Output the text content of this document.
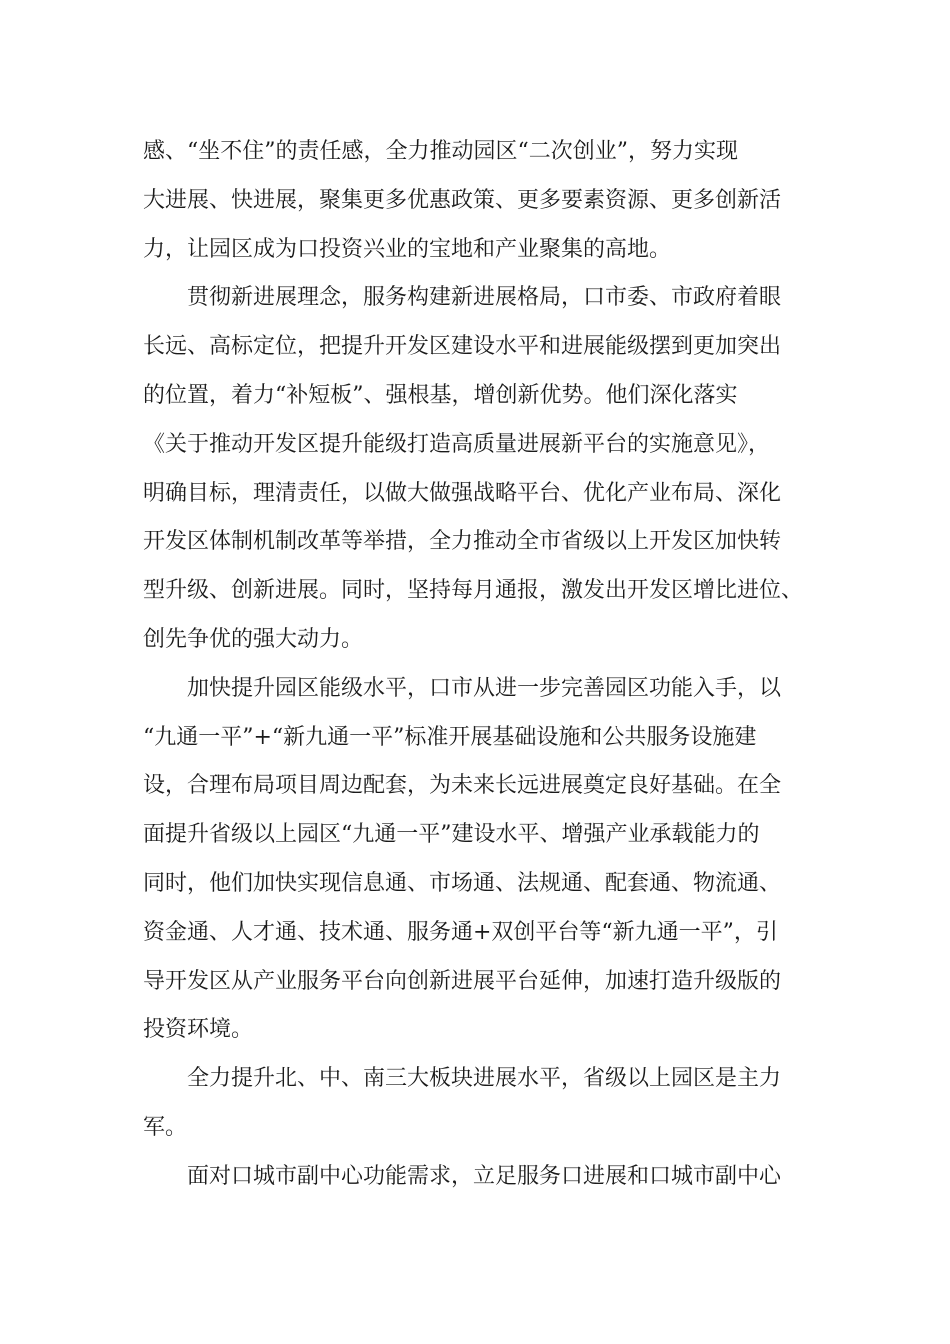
感、“坐不住”的责任感，全力推动园区“二次创业”，努力实现
大进展、快进展，聚集更多优惠政策、更多要素资源、更多创新活
力，让园区成为口投资兴业的宝地和产业聚集的高地。
贯彻新进展理念，服务构建新进展格局，口市委、市政府着眼
长远、高标定位，把提升开发区建设水平和进展能级摆到更加突出
的位置，着力“补短板”、强根基，增创新优势。他们深化落实
《关于推动开发区提升能级打造高质量进展新平台的实施意见》，
明确目标，理清责任，以做大做强战略平台、优化产业布局、深化
开发区体制机制改革等举措，全力推动全市省级以上开发区加快转
型升级、创新进展。同时，坚持每月通报，激发出开发区增比进位、
创先争优的强大动力。
加快提升园区能级水平，口市从进一步完善园区功能入手，以
“九通一平”+“新九通一平”标准开展基础设施和公共服务设施建
设，合理布局项目周边配套，为未来长远进展奠定良好基础。在全
面提升省级以上园区“九通一平”建设水平、增强产业承载能力的
同时，他们加快实现信息通、市场通、法规通、配套通、物流通、
资金通、人才通、技术通、服务通+双创平台等“新九通一平”，引
导开发区从产业服务平台向创新进展平台延伸，加速打造升级版的
投资环境。
全力提升北、中、南三大板块进展水平，省级以上园区是主力
军。
面对口城市副中心功能需求，立足服务口进展和口城市副中心
